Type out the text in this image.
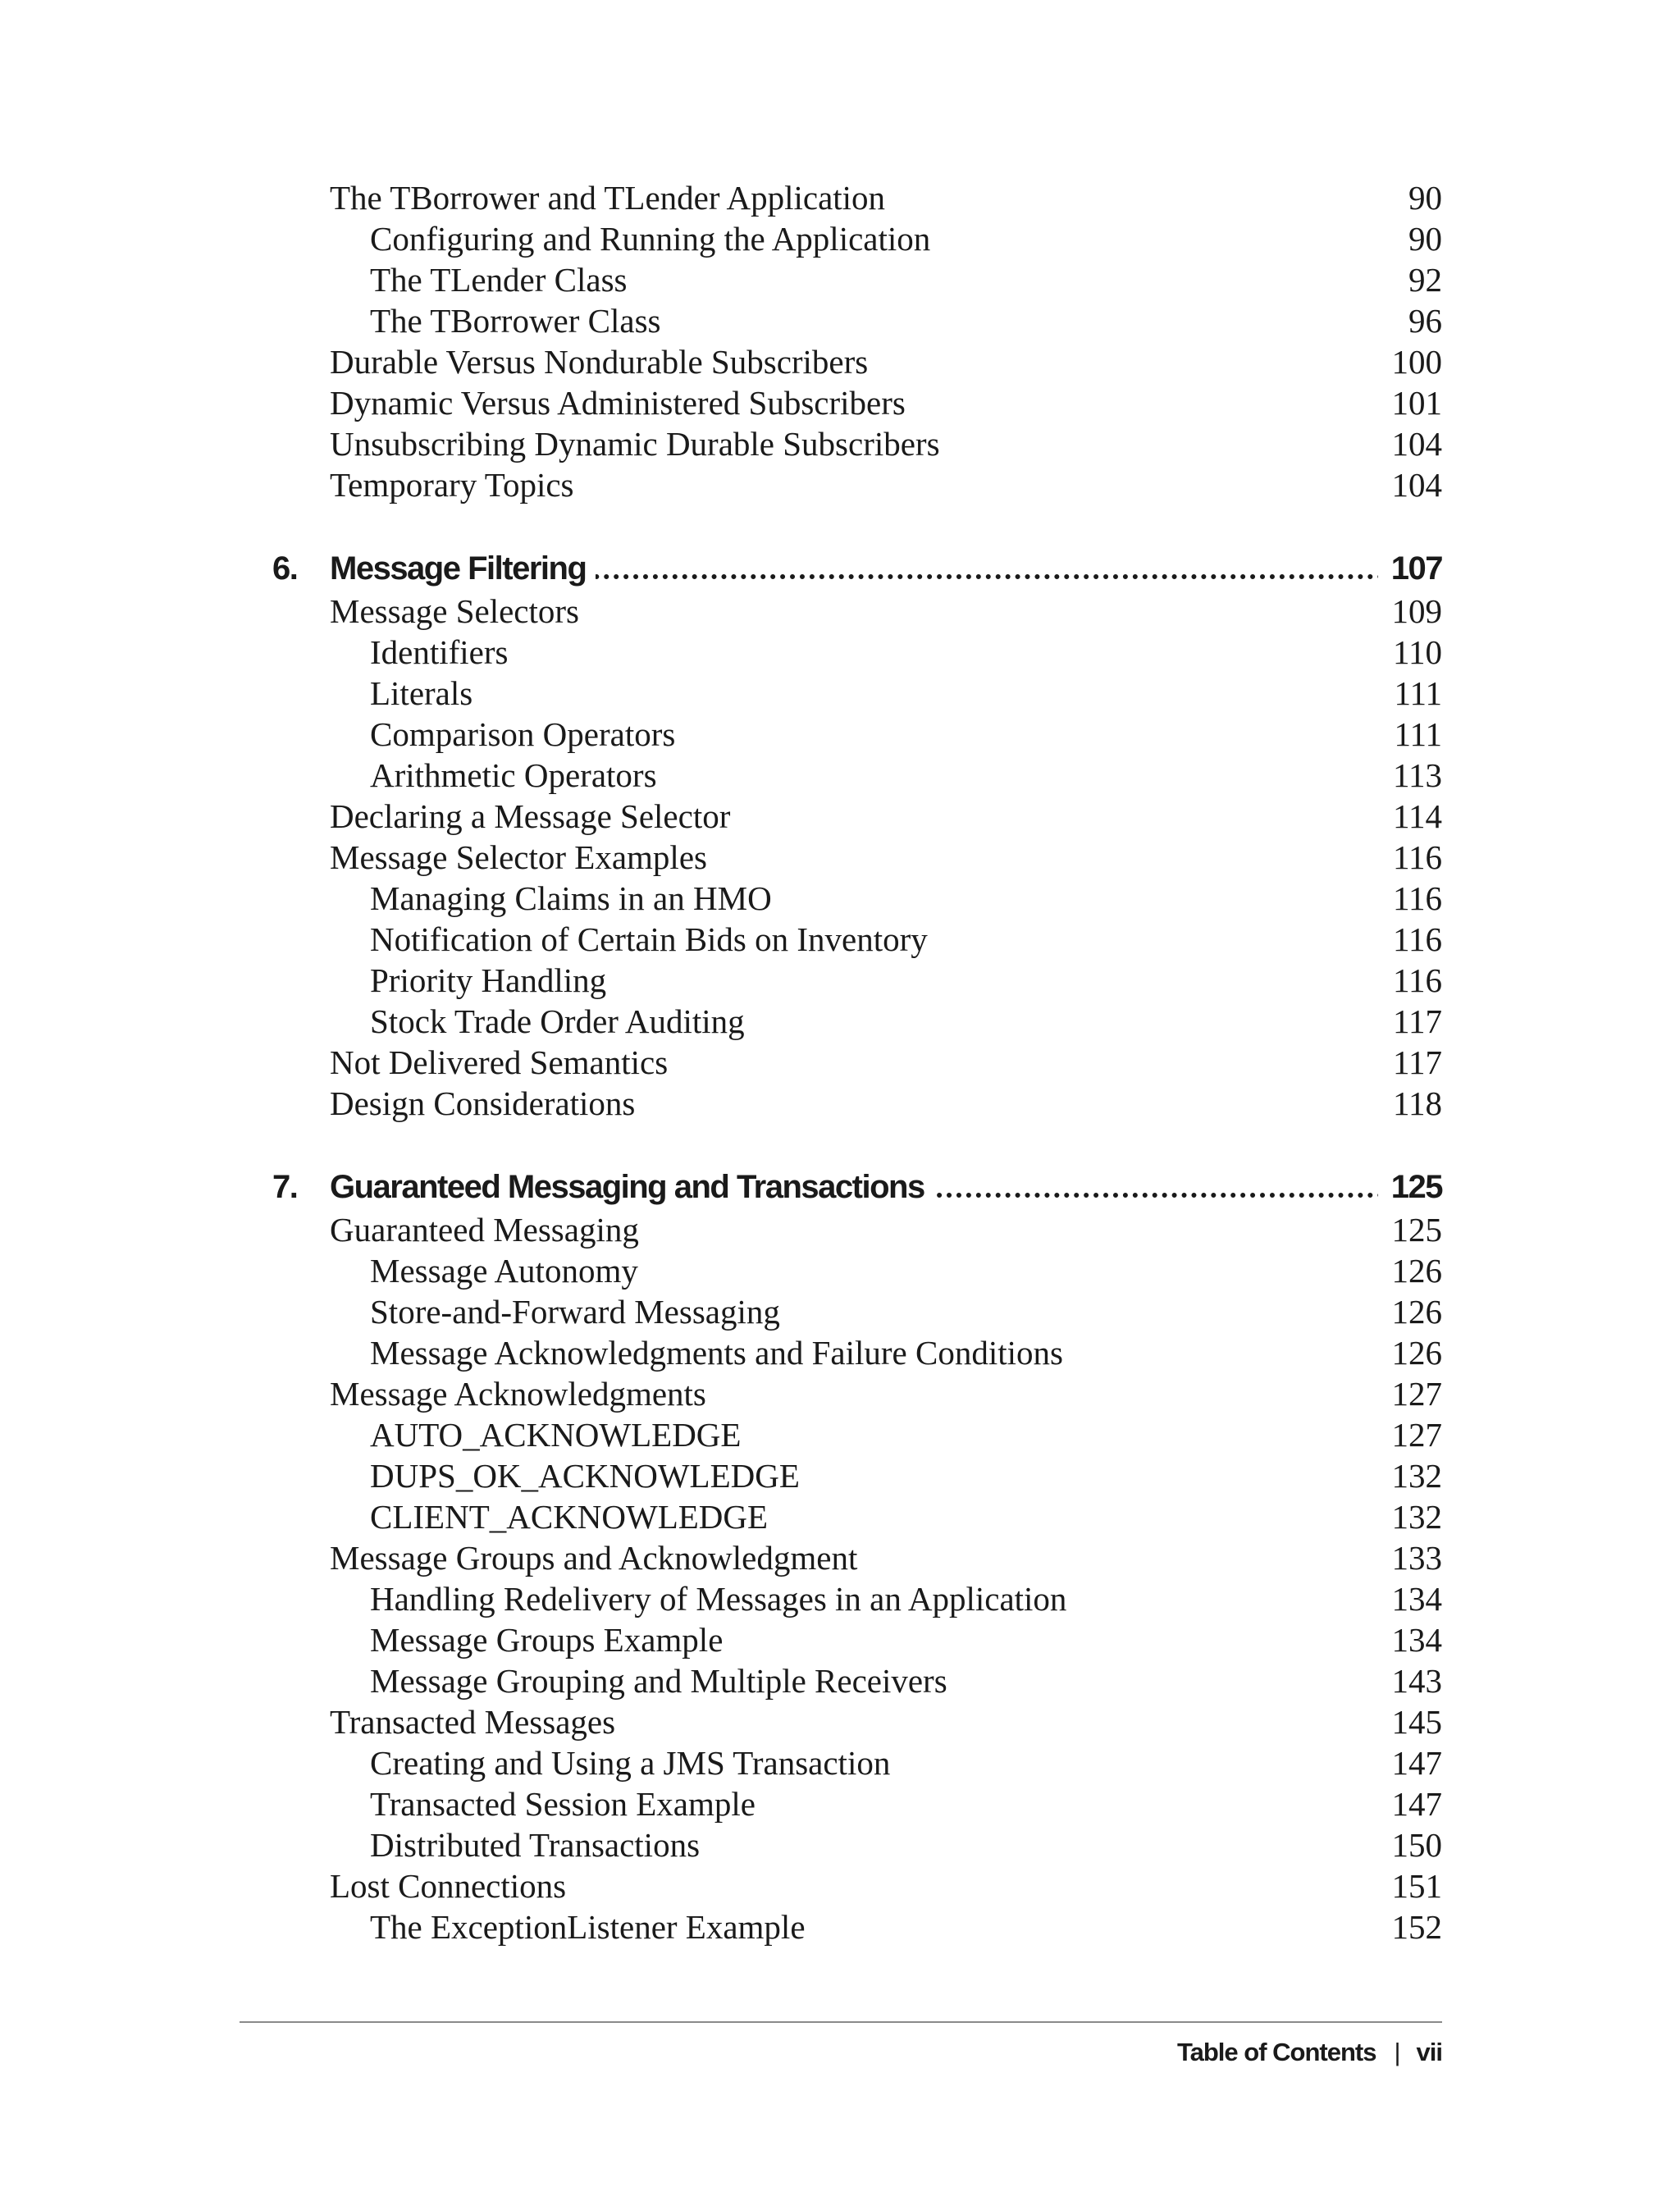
The TBorrower and TLender Application	90
Configuring and Running the Application	90
The TLender Class	92
The TBorrower Class	96
Durable Versus Nondurable Subscribers	100
Dynamic Versus Administered Subscribers	101
Unsubscribing Dynamic Durable Subscribers	104
Temporary Topics	104
6. Message Filtering	107
Message Selectors	109
Identifiers	110
Literals	111
Comparison Operators	111
Arithmetic Operators	113
Declaring a Message Selector	114
Message Selector Examples	116
Managing Claims in an HMO	116
Notification of Certain Bids on Inventory	116
Priority Handling	116
Stock Trade Order Auditing	117
Not Delivered Semantics	117
Design Considerations	118
7. Guaranteed Messaging and Transactions	125
Guaranteed Messaging	125
Message Autonomy	126
Store-and-Forward Messaging	126
Message Acknowledgments and Failure Conditions	126
Message Acknowledgments	127
AUTO_ACKNOWLEDGE	127
DUPS_OK_ACKNOWLEDGE	132
CLIENT_ACKNOWLEDGE	132
Message Groups and Acknowledgment	133
Handling Redelivery of Messages in an Application	134
Message Groups Example	134
Message Grouping and Multiple Receivers	143
Transacted Messages	145
Creating and Using a JMS Transaction	147
Transacted Session Example	147
Distributed Transactions	150
Lost Connections	151
The ExceptionListener Example	152
Table of Contents | vii
